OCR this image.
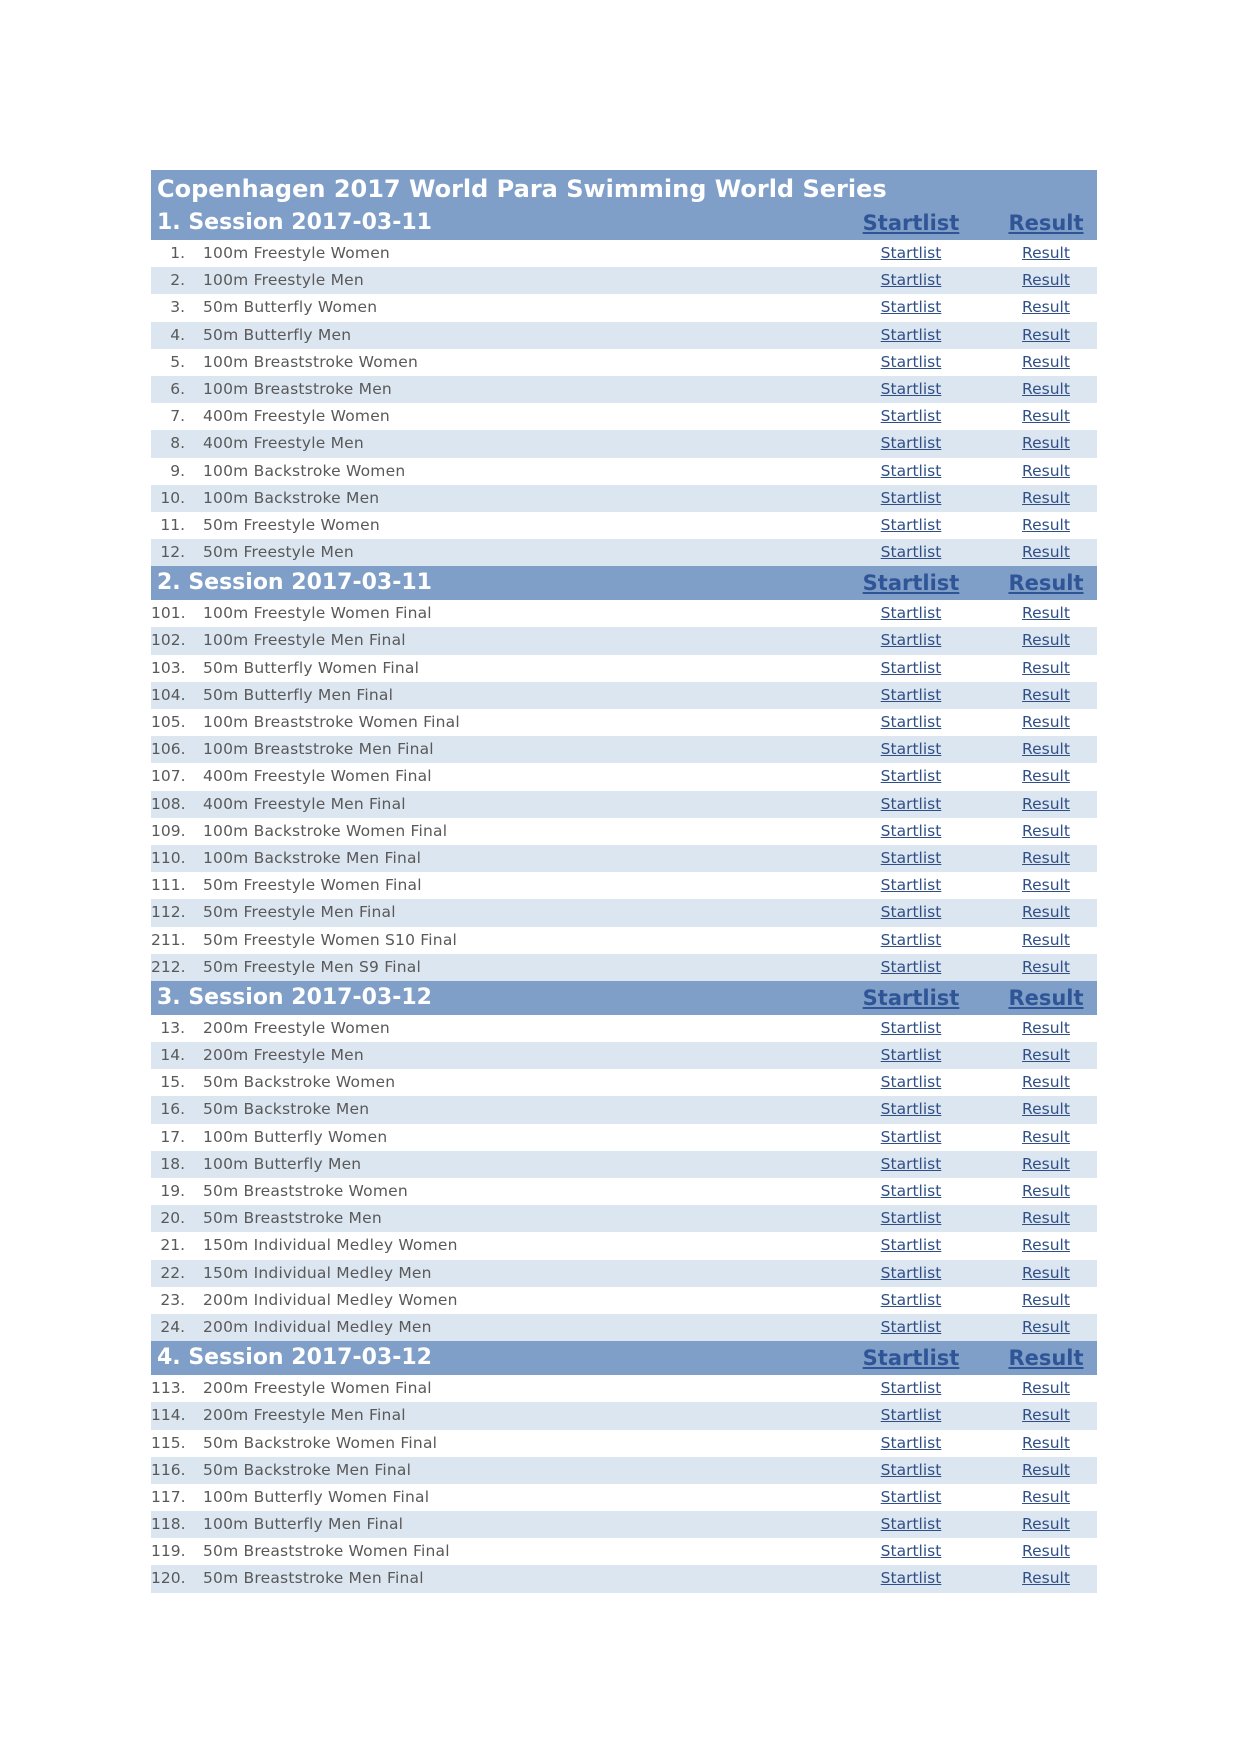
Copenhagen 2017 World Para Swimming World Series
1. Session 2017-03-11	Startlist	Result
1. 100m Freestyle Women	Startlist	Result
2. 100m Freestyle Men	Startlist	Result
3. 50m Butterfly Women	Startlist	Result
4. 50m Butterfly Men	Startlist	Result
5. 100m Breaststroke Women	Startlist	Result
6. 100m Breaststroke Men	Startlist	Result
7. 400m Freestyle Women	Startlist	Result
8. 400m Freestyle Men	Startlist	Result
9. 100m Backstroke Women	Startlist	Result
10. 100m Backstroke Men	Startlist	Result
11. 50m Freestyle Women	Startlist	Result
12. 50m Freestyle Men	Startlist	Result
2. Session 2017-03-11	Startlist	Result
101. 100m Freestyle Women Final	Startlist	Result
102. 100m Freestyle Men Final	Startlist	Result
103. 50m Butterfly Women Final	Startlist	Result
104. 50m Butterfly Men Final	Startlist	Result
105. 100m Breaststroke Women Final	Startlist	Result
106. 100m Breaststroke Men Final	Startlist	Result
107. 400m Freestyle Women Final	Startlist	Result
108. 400m Freestyle Men Final	Startlist	Result
109. 100m Backstroke Women Final	Startlist	Result
110. 100m Backstroke Men Final	Startlist	Result
111. 50m Freestyle Women Final	Startlist	Result
112. 50m Freestyle Men Final	Startlist	Result
211. 50m Freestyle Women S10 Final	Startlist	Result
212. 50m Freestyle Men S9 Final	Startlist	Result
3. Session 2017-03-12	Startlist	Result
13. 200m Freestyle Women	Startlist	Result
14. 200m Freestyle Men	Startlist	Result
15. 50m Backstroke Women	Startlist	Result
16. 50m Backstroke Men	Startlist	Result
17. 100m Butterfly Women	Startlist	Result
18. 100m Butterfly Men	Startlist	Result
19. 50m Breaststroke Women	Startlist	Result
20. 50m Breaststroke Men	Startlist	Result
21. 150m Individual Medley Women	Startlist	Result
22. 150m Individual Medley Men	Startlist	Result
23. 200m Individual Medley Women	Startlist	Result
24. 200m Individual Medley Men	Startlist	Result
4. Session 2017-03-12	Startlist	Result
113. 200m Freestyle Women Final	Startlist	Result
114. 200m Freestyle Men Final	Startlist	Result
115. 50m Backstroke Women Final	Startlist	Result
116. 50m Backstroke Men Final	Startlist	Result
117. 100m Butterfly Women Final	Startlist	Result
118. 100m Butterfly Men Final	Startlist	Result
119. 50m Breaststroke Women Final	Startlist	Result
120. 50m Breaststroke Men Final	Startlist	Result
